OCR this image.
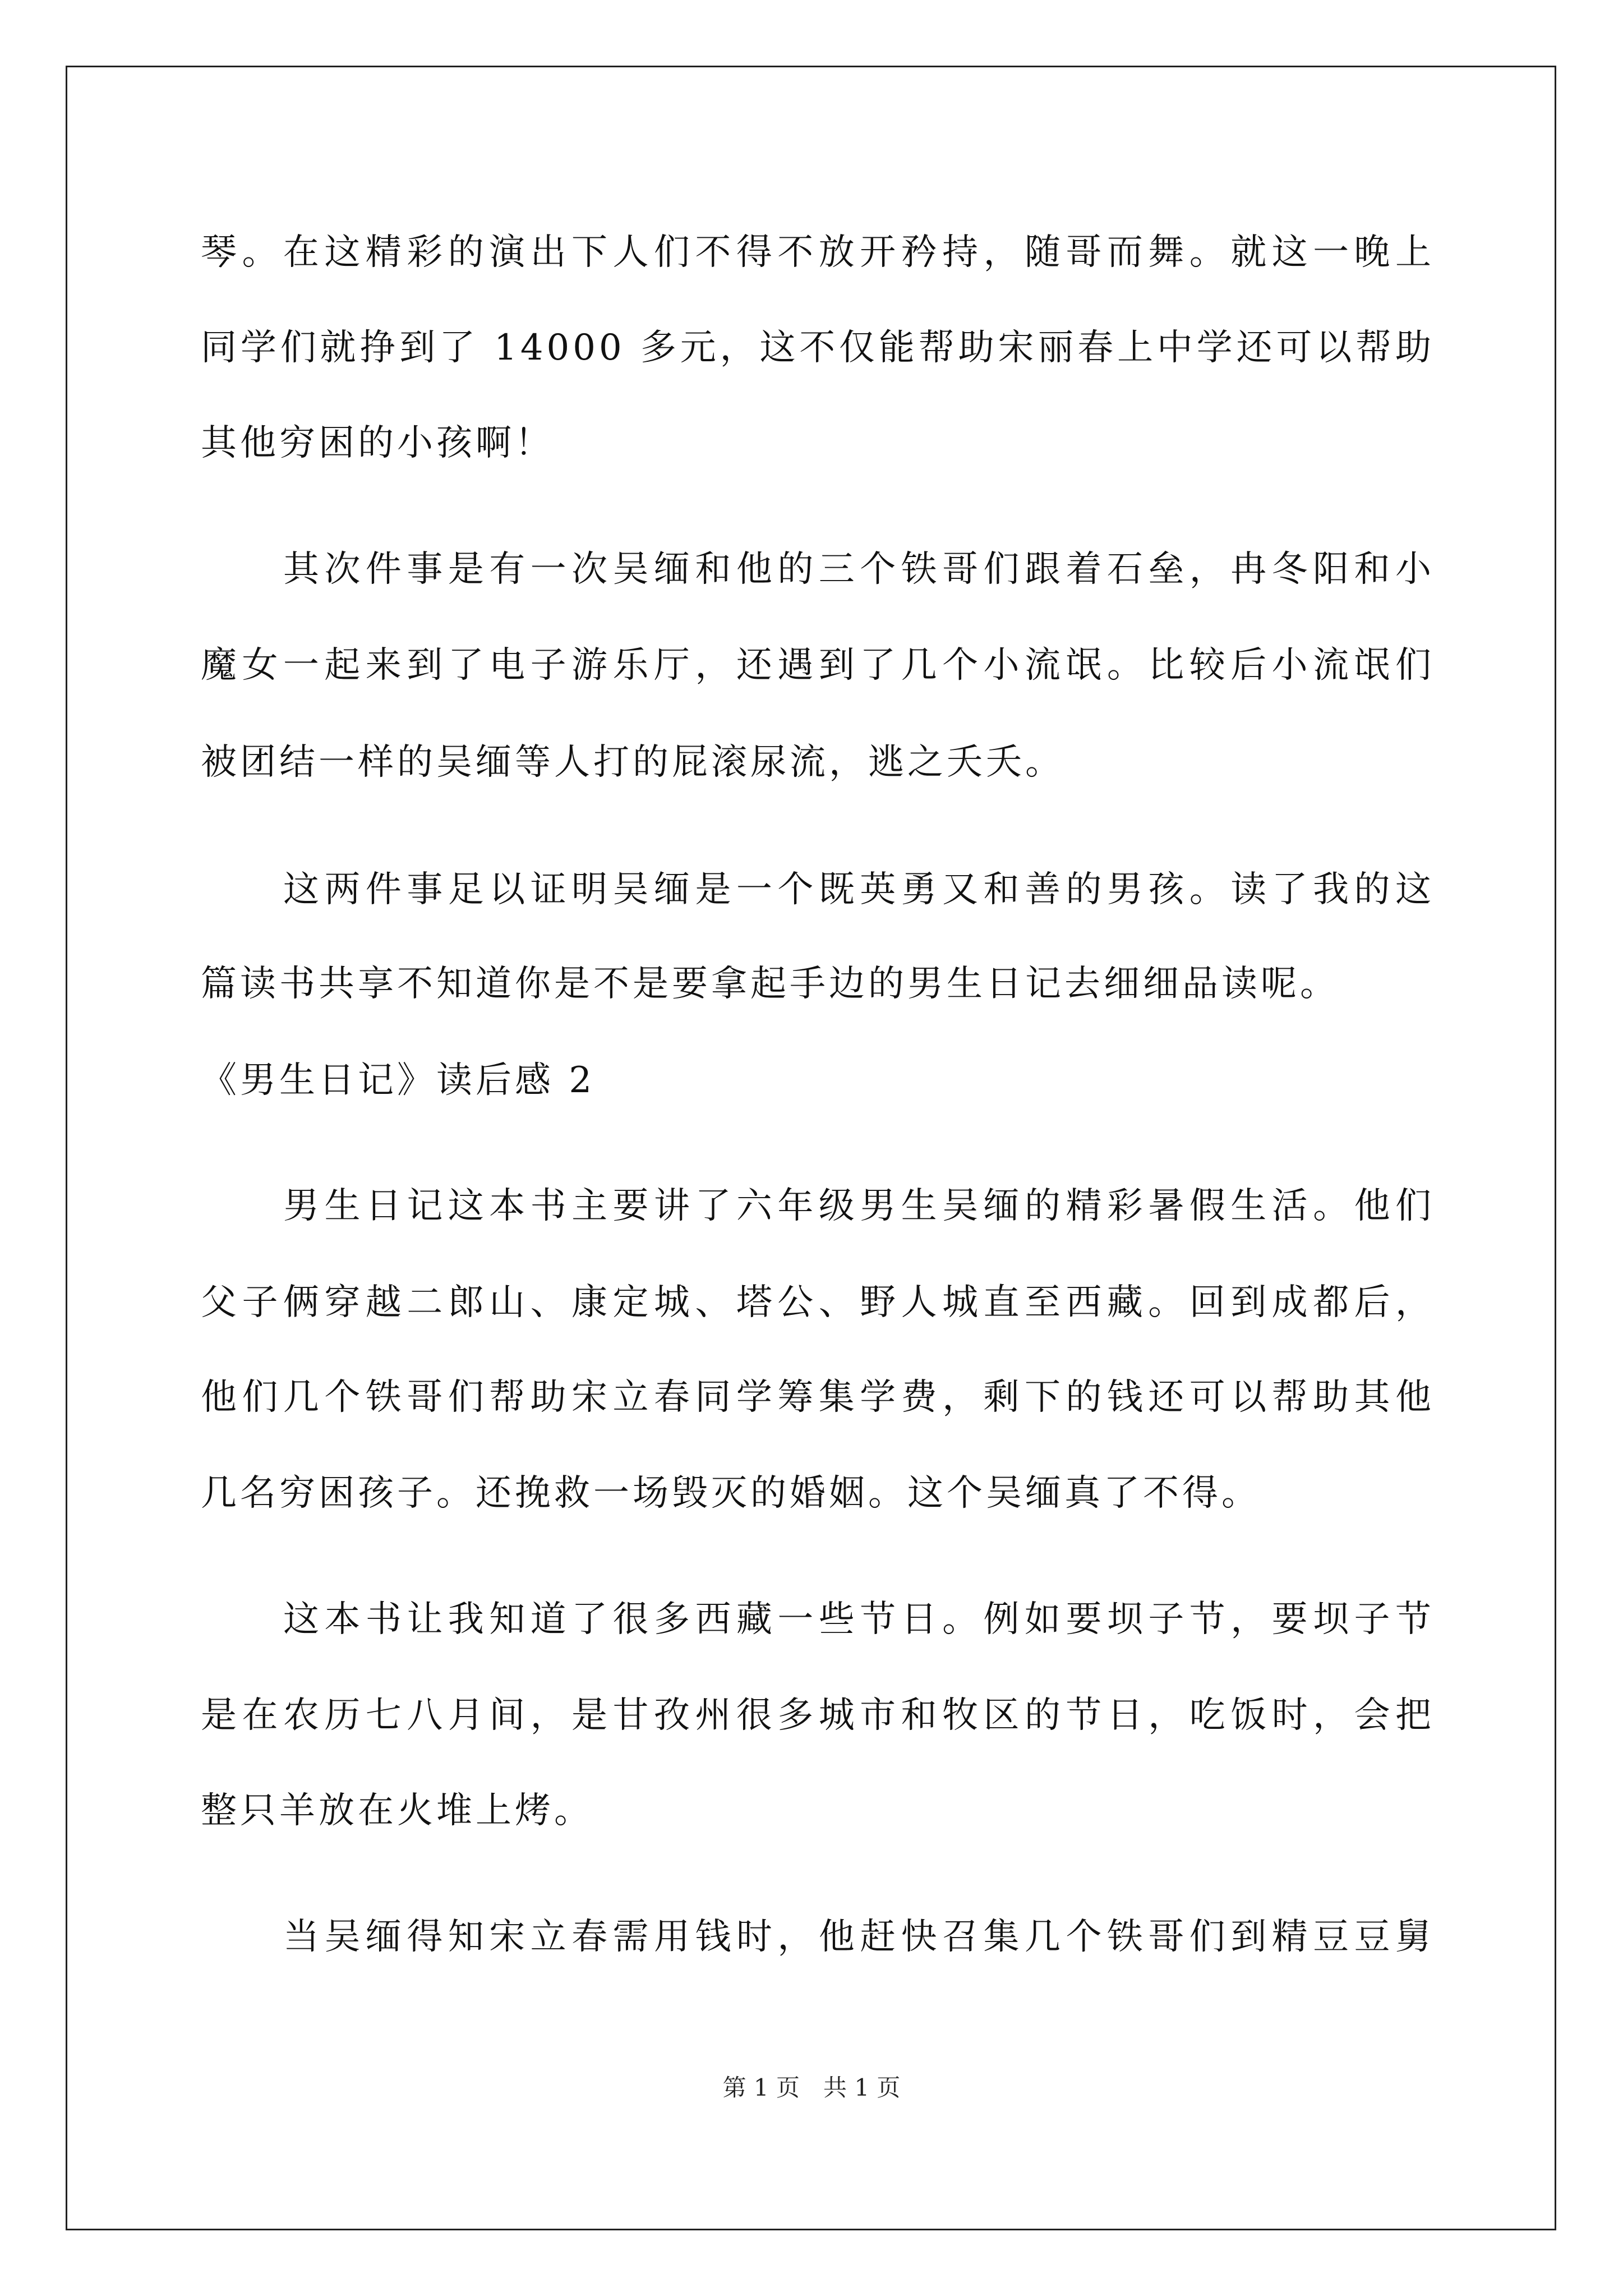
琴。在这精彩的演出下人们不得不放开矜持，随哥而舞。就这一晚上
同学们就挣到了 14000 多元，这不仅能帮助宋丽春上中学还可以帮助
其他穷困的小孩啊！
其次件事是有一次吴缅和他的三个铁哥们跟着石垒，冉冬阳和小
魔女一起来到了电子游乐厅，还遇到了几个小流氓。比较后小流氓们
被团结一样的吴缅等人打的屁滚尿流，逃之夭夭。
这两件事足以证明吴缅是一个既英勇又和善的男孩。读了我的这
篇读书共享不知道你是不是要拿起手边的男生日记去细细品读呢。
《男生日记》读后感 2
男生日记这本书主要讲了六年级男生吴缅的精彩暑假生活。他们
父子俩穿越二郎山、康定城、塔公、野人城直至西藏。回到成都后，
他们几个铁哥们帮助宋立春同学筹集学费，剩下的钱还可以帮助其他
几名穷困孩子。还挽救一场毁灭的婚姻。这个吴缅真了不得。
这本书让我知道了很多西藏一些节日。例如要坝子节，要坝子节
是在农历七八月间，是甘孜州很多城市和牧区的节日，吃饭时，会把
整只羊放在火堆上烤。
当吴缅得知宋立春需用钱时，他赶快召集几个铁哥们到精豆豆舅
第 1 页　共 1 页
